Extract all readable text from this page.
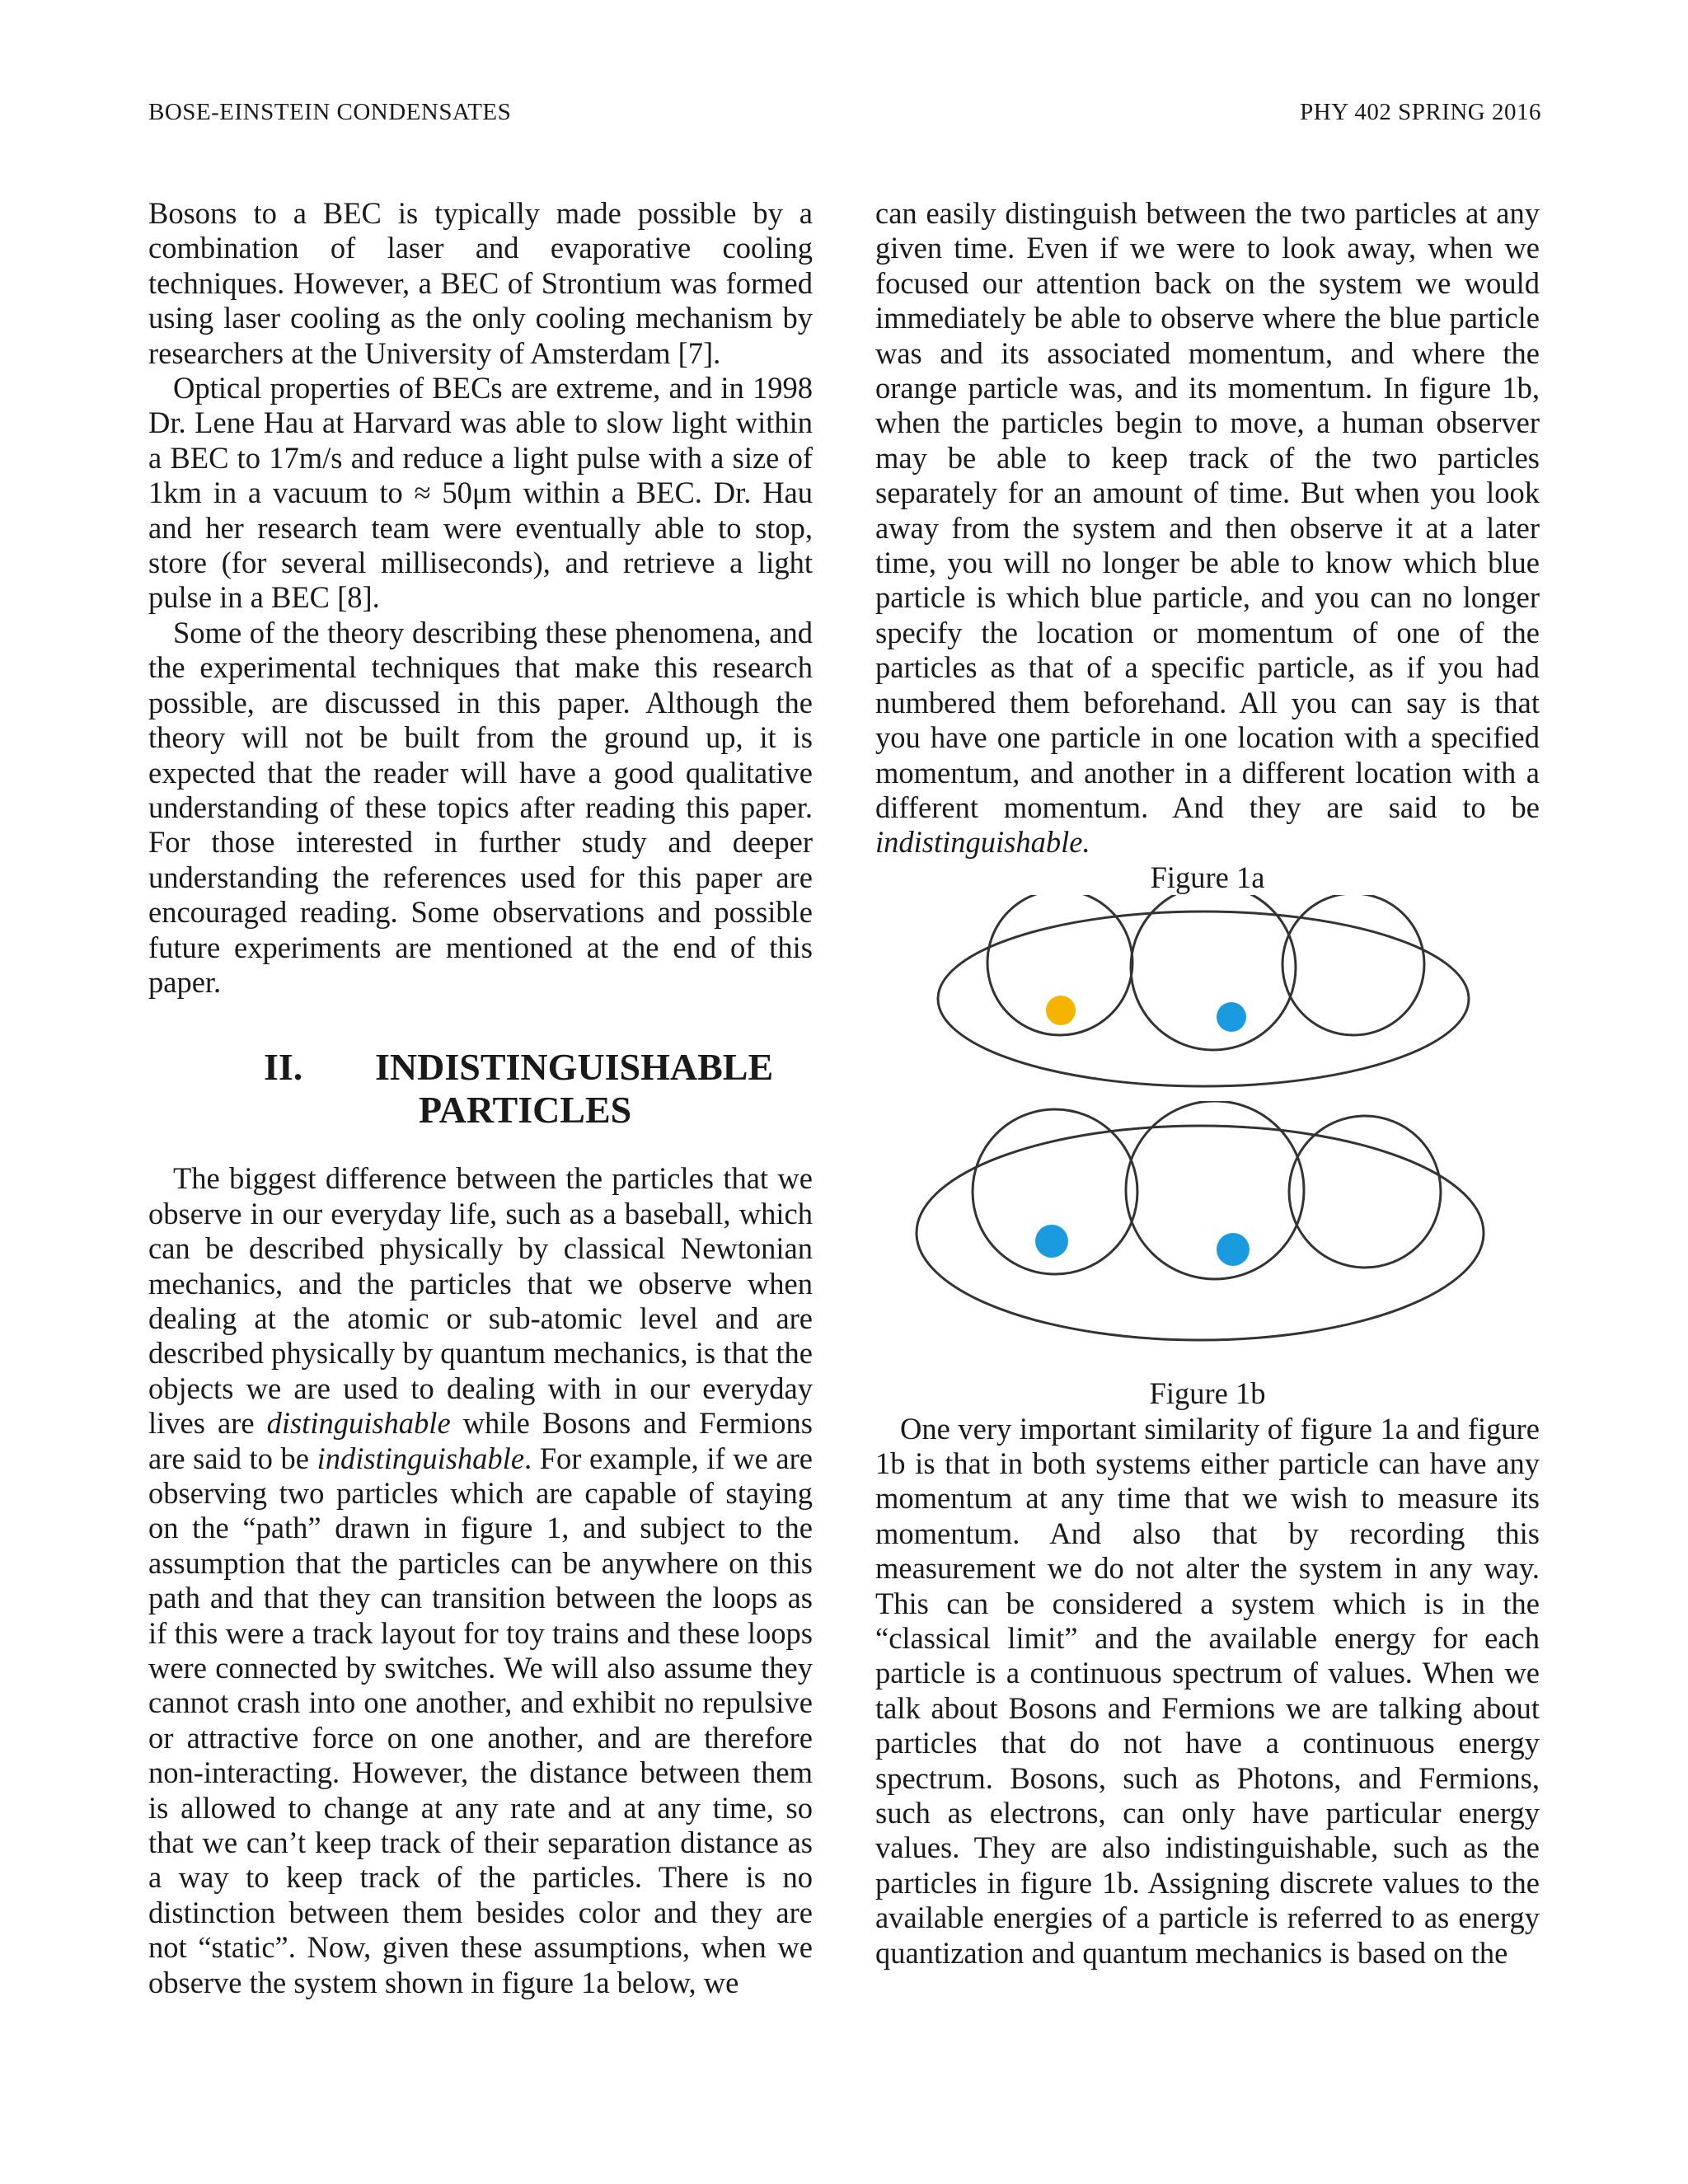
BOSE-EINSTEIN CONDENSATES	PHY 402 SPRING 2016

Bosons to a BEC is typically made possible by a combination of laser and evaporative cooling techniques. However, a BEC of Strontium was formed using laser cooling as the only cooling mechanism by researchers at the University of Amsterdam [7].

Optical properties of BECs are extreme, and in 1998 Dr. Lene Hau at Harvard was able to slow light within a BEC to 17m/s and reduce a light pulse with a size of 1km in a vacuum to ≈ 50μm within a BEC. Dr. Hau and her research team were eventually able to stop, store (for several milliseconds), and retrieve a light pulse in a BEC [8].

Some of the theory describing these phenomena, and the experimental techniques that make this research possible, are discussed in this paper. Although the theory will not be built from the ground up, it is expected that the reader will have a good qualitative understanding of these topics after reading this paper. For those interested in further study and deeper understanding the references used for this paper are encouraged reading. Some observations and possible future experiments are mentioned at the end of this paper.

II. INDISTINGUISHABLE
PARTICLES

The biggest difference between the particles that we observe in our everyday life, such as a baseball, which can be described physically by classical Newtonian mechanics, and the particles that we observe when dealing at the atomic or sub-atomic level and are described physically by quantum mechanics, is that the objects we are used to dealing with in our everyday lives are distinguishable while Bosons and Fermions are said to be indistinguishable. For example, if we are observing two particles which are capable of staying on the “path” drawn in figure 1, and subject to the assumption that the particles can be anywhere on this path and that they can transition between the loops as if this were a track layout for toy trains and these loops were connected by switches. We will also assume they cannot crash into one another, and exhibit no repulsive or attractive force on one another, and are therefore non-interacting. However, the distance between them is allowed to change at any rate and at any time, so that we can’t keep track of their separation distance as a way to keep track of the particles. There is no distinction between them besides color and they are not “static”. Now, given these assumptions, when we observe the system shown in figure 1a below, we

can easily distinguish between the two particles at any given time. Even if we were to look away, when we focused our attention back on the system we would immediately be able to observe where the blue particle was and its associated momentum, and where the orange particle was, and its momentum. In figure 1b, when the particles begin to move, a human observer may be able to keep track of the two particles separately for an amount of time. But when you look away from the system and then observe it at a later time, you will no longer be able to know which blue particle is which blue particle, and you can no longer specify the location or momentum of one of the particles as that of a specific particle, as if you had numbered them beforehand. All you can say is that you have one particle in one location with a specified momentum, and another in a different location with a different momentum. And they are said to be indistinguishable.

Figure 1a
Figure 1b

One very important similarity of figure 1a and figure 1b is that in both systems either particle can have any momentum at any time that we wish to measure its momentum. And also that by recording this measurement we do not alter the system in any way. This can be considered a system which is in the “classical limit” and the available energy for each particle is a continuous spectrum of values. When we talk about Bosons and Fermions we are talking about particles that do not have a continuous energy spectrum. Bosons, such as Photons, and Fermions, such as electrons, can only have particular energy values. They are also indistinguishable, such as the particles in figure 1b. Assigning discrete values to the available energies of a particle is referred to as energy quantization and quantum mechanics is based on the
